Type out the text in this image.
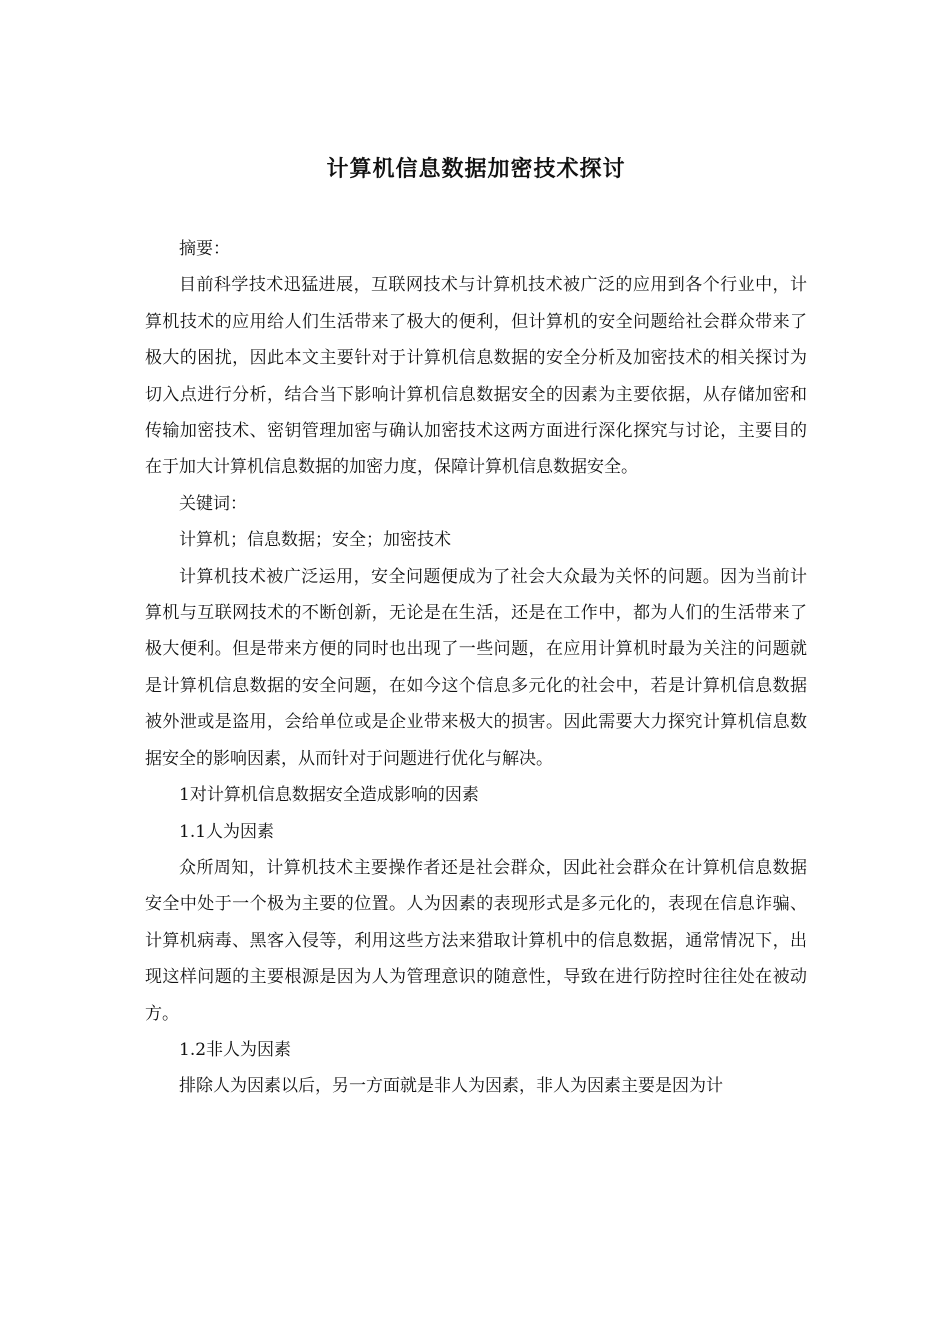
计算机信息数据加密技术探讨

摘要：

目前科学技术迅猛进展，互联网技术与计算机技术被广泛的应用到各个行业中，计算机技术的应用给人们生活带来了极大的便利，但计算机的安全问题给社会群众带来了极大的困扰，因此本文主要针对于计算机信息数据的安全分析及加密技术的相关探讨为切入点进行分析，结合当下影响计算机信息数据安全的因素为主要依据，从存储加密和传输加密技术、密钥管理加密与确认加密技术这两方面进行深化探究与讨论，主要目的在于加大计算机信息数据的加密力度，保障计算机信息数据安全。

关键词：

计算机；信息数据；安全；加密技术

计算机技术被广泛运用，安全问题便成为了社会大众最为关怀的问题。因为当前计算机与互联网技术的不断创新，无论是在生活，还是在工作中，都为人们的生活带来了极大便利。但是带来方便的同时也出现了一些问题，在应用计算机时最为关注的问题就是计算机信息数据的安全问题，在如今这个信息多元化的社会中，若是计算机信息数据被外泄或是盗用，会给单位或是企业带来极大的损害。因此需要大力探究计算机信息数据安全的影响因素，从而针对于问题进行优化与解决。

1对计算机信息数据安全造成影响的因素

1.1人为因素

众所周知，计算机技术主要操作者还是社会群众，因此社会群众在计算机信息数据安全中处于一个极为主要的位置。人为因素的表现形式是多元化的，表现在信息诈骗、计算机病毒、黑客入侵等，利用这些方法来猎取计算机中的信息数据，通常情况下，出现这样问题的主要根源是因为人为管理意识的随意性，导致在进行防控时往往处在被动方。

1.2非人为因素

排除人为因素以后，另一方面就是非人为因素，非人为因素主要是因为计
